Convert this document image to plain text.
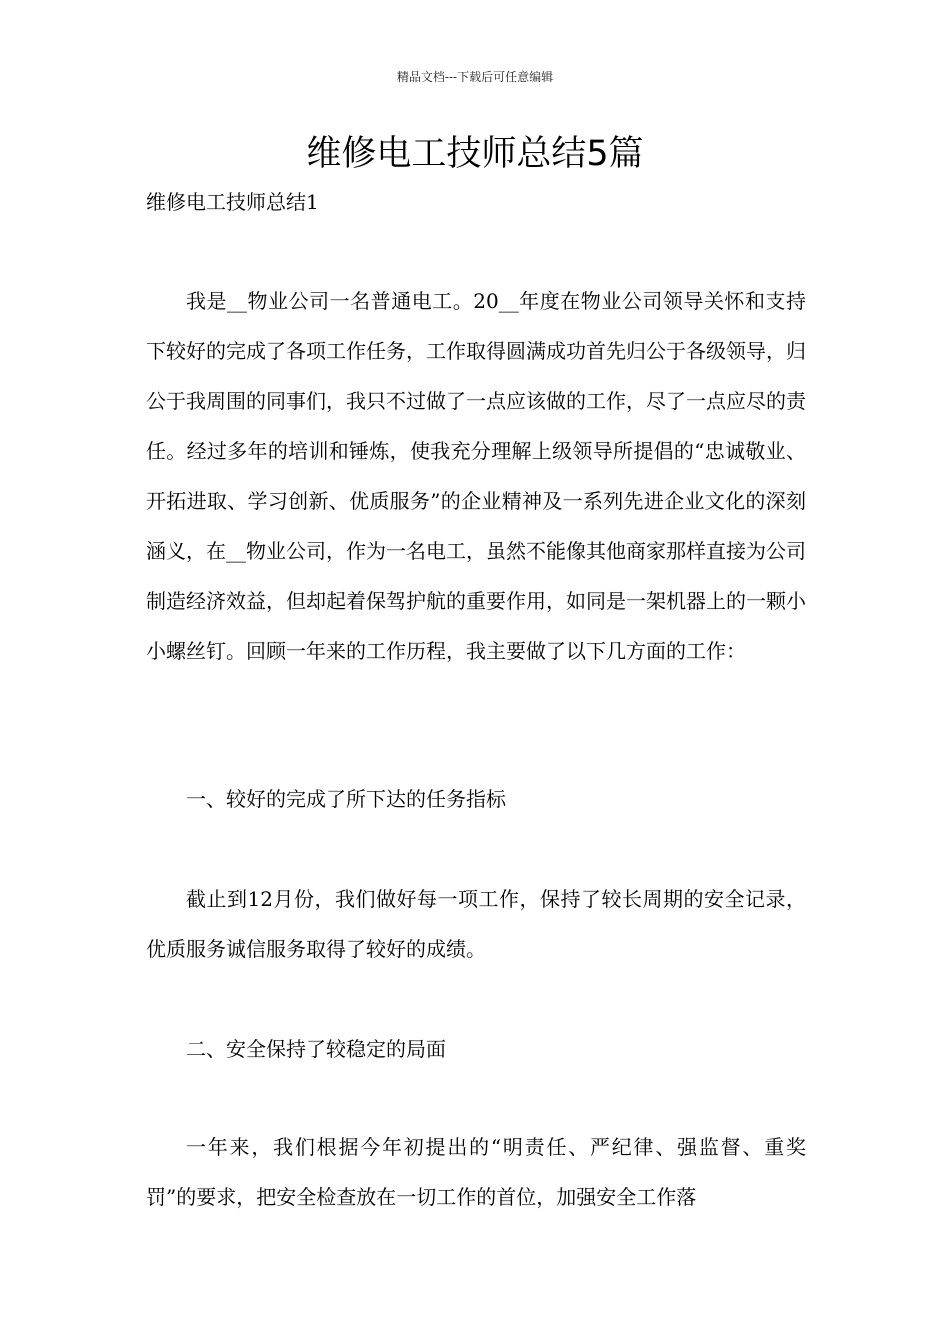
精品文档---下载后可任意编辑
维修电工技师总结5篇
维修电工技师总结1

我是__物业公司一名普通电工。20__年度在物业公司领导关怀和支持下较好的完成了各项工作任务，工作取得圆满成功首先归公于各级领导，归公于我周围的同事们，我只不过做了一点应该做的工作，尽了一点应尽的责任。经过多年的培训和锤炼，使我充分理解上级领导所提倡的“忠诚敬业、开拓进取、学习创新、优质服务”的企业精神及一系列先进企业文化的深刻涵义，在__物业公司，作为一名电工，虽然不能像其他商家那样直接为公司制造经济效益，但却起着保驾护航的重要作用，如同是一架机器上的一颗小小螺丝钉。回顾一年来的工作历程，我主要做了以下几方面的工作：

一、较好的完成了所下达的任务指标

截止到12月份，我们做好每一项工作，保持了较长周期的安全记录，优质服务诚信服务取得了较好的成绩。

二、安全保持了较稳定的局面

一年来，我们根据今年初提出的“明责任、严纪律、强监督、重奖罚”的要求，把安全检查放在一切工作的首位，加强安全工作落
